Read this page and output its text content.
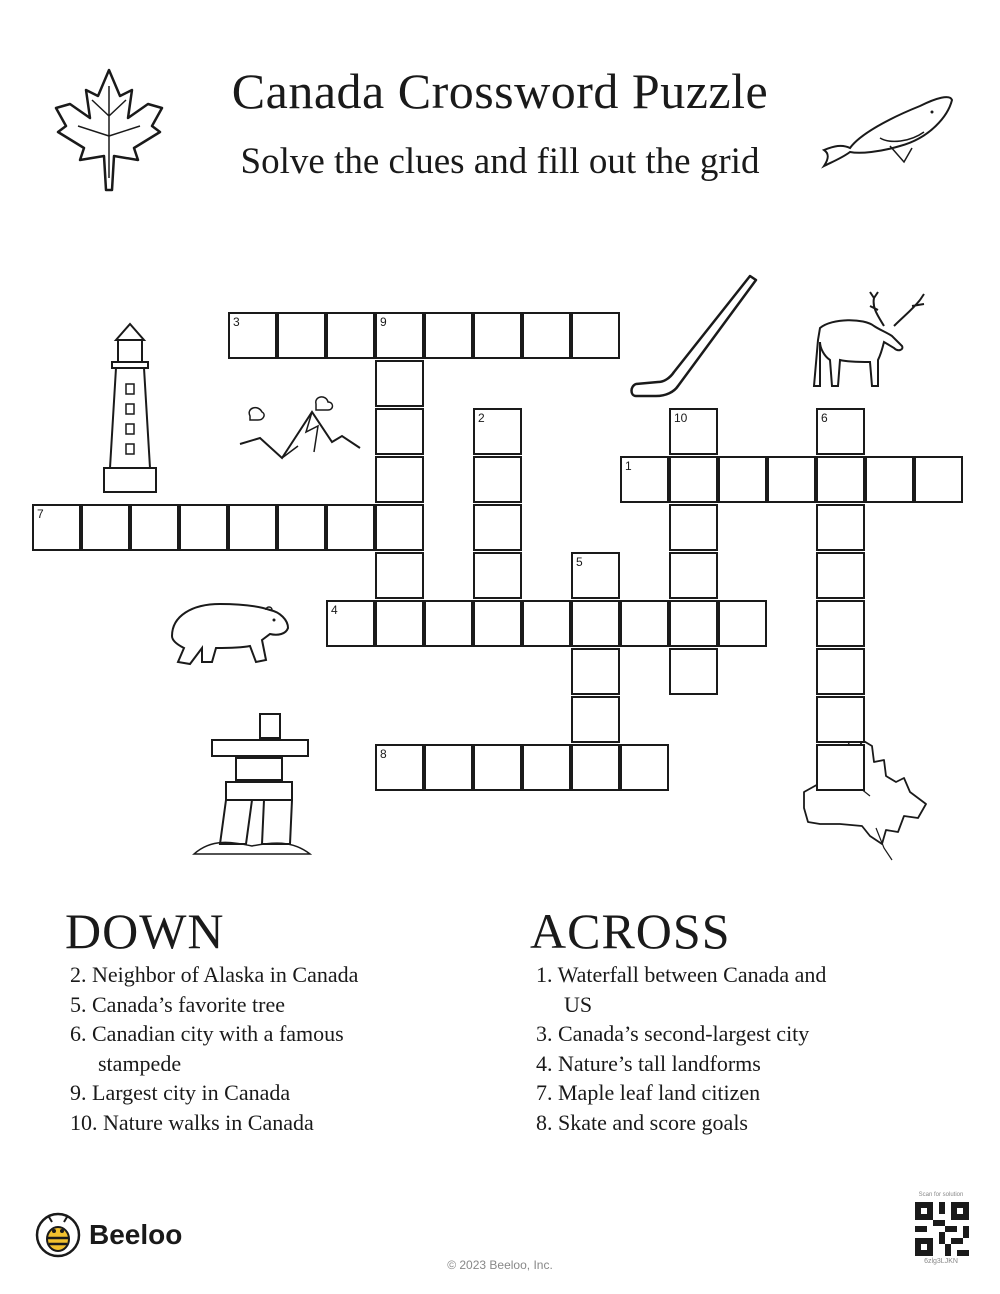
Canada Crossword Puzzle
Solve the clues and fill out the grid
3	9
1
2	10	6
7
5
4
8
DOWN
2. Neighbor of Alaska in Canada
5. Canada’s favorite tree
6. Canadian city with a famous stampede
9. Largest city in Canada
10. Nature walks in Canada
ACROSS
1. Waterfall between Canada and US
3. Canada’s second-largest city
4. Nature’s tall landforms
7. Maple leaf land citizen
8. Skate and score goals
Beeloo
Scan for solution
6zlg3LJKN
© 2023 Beeloo, Inc.
